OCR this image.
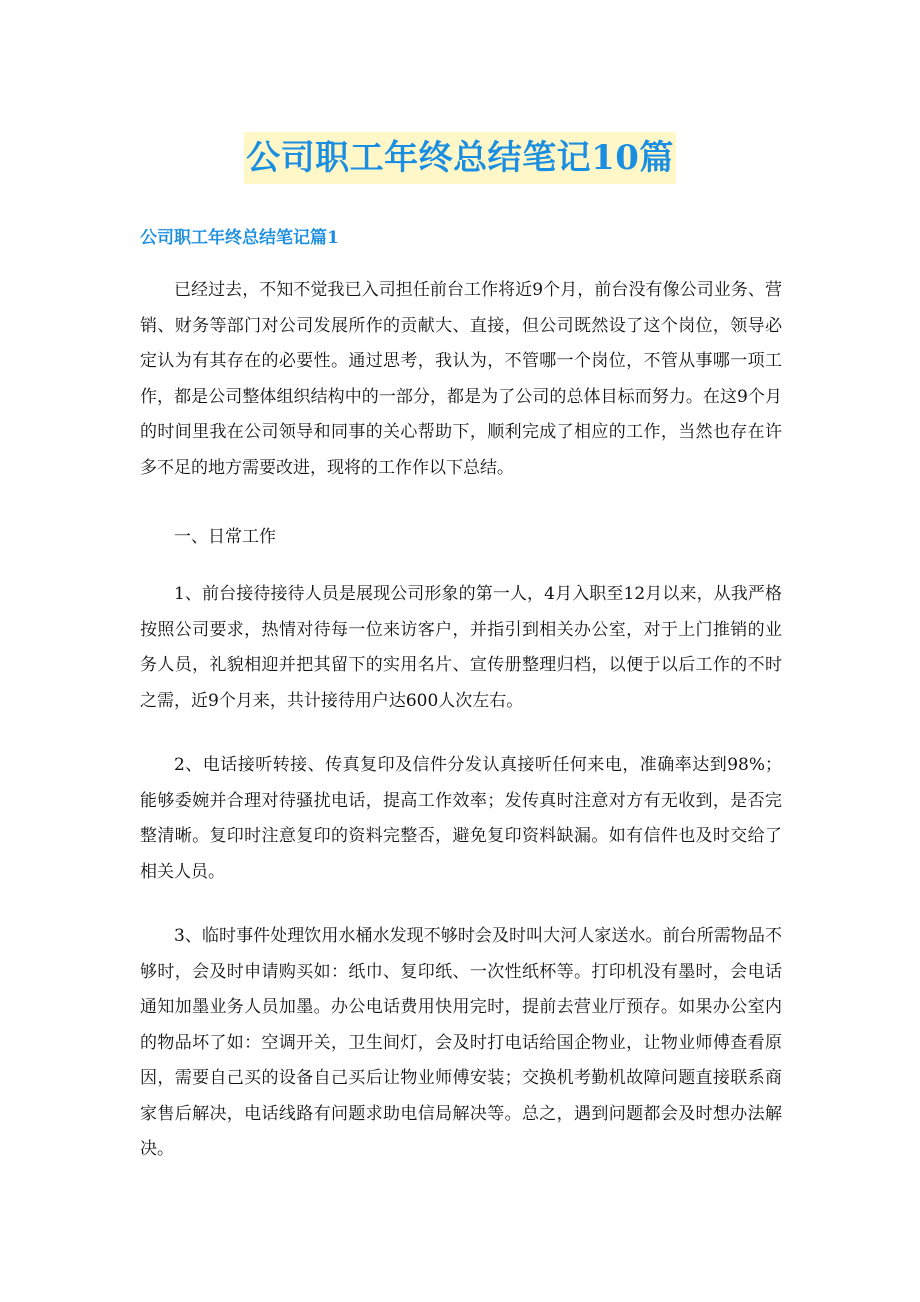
公司职工年终总结笔记10篇
公司职工年终总结笔记篇1

已经过去，不知不觉我已入司担任前台工作将近9个月，前台没有像公司业务、营销、财务等部门对公司发展所作的贡献大、直接，但公司既然设了这个岗位，领导必定认为有其存在的必要性。通过思考，我认为，不管哪一个岗位，不管从事哪一项工作，都是公司整体组织结构中的一部分，都是为了公司的总体目标而努力。在这9个月的时间里我在公司领导和同事的关心帮助下，顺利完成了相应的工作，当然也存在许多不足的地方需要改进，现将的工作作以下总结。

一、日常工作

1、前台接待接待人员是展现公司形象的第一人，4月入职至12月以来，从我严格按照公司要求，热情对待每一位来访客户，并指引到相关办公室，对于上门推销的业务人员，礼貌相迎并把其留下的实用名片、宣传册整理归档，以便于以后工作的不时之需，近9个月来，共计接待用户达600人次左右。

2、电话接听转接、传真复印及信件分发认真接听任何来电，准确率达到98%；能够委婉并合理对待骚扰电话，提高工作效率；发传真时注意对方有无收到，是否完整清晰。复印时注意复印的资料完整否，避免复印资料缺漏。如有信件也及时交给了相关人员。

3、临时事件处理饮用水桶水发现不够时会及时叫大河人家送水。前台所需物品不够时，会及时申请购买如：纸巾、复印纸、一次性纸杯等。打印机没有墨时，会电话通知加墨业务人员加墨。办公电话费用快用完时，提前去营业厅预存。如果办公室内的物品坏了如：空调开关，卫生间灯，会及时打电话给国企物业，让物业师傅查看原因，需要自己买的设备自己买后让物业师傅安装；交换机考勤机故障问题直接联系商家售后解决，电话线路有问题求助电信局解决等。总之，遇到问题都会及时想办法解决。
